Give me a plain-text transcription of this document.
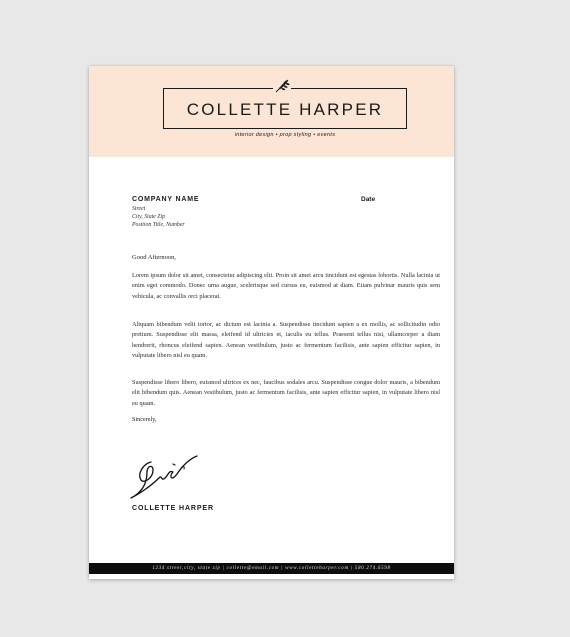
COLLETTE HARPER
interior design • prop styling • events
COMPANY NAME	Date
Street
City, State Zip
Position Title, Number
Good Afternoon,

Lorem ipsum dolor sit amet, consectetur adipiscing elit. Proin sit amet arcu tincidunt est egestas lobortis. Nulla lacinia ut enim eget commodo. Donec urna augue, scelerisque sed cursus eu, euismod at diam. Etiam pulvinar mauris quis sem vehicula, ac convallis orci placerat.

Aliquam bibendum velit tortor, ac dictum est lacinia a. Suspendisse tincidunt sapien a ex mollis, ac sollicitudin odio pretium. Suspendisse elit massa, eleifend id ultricies et, iaculis eu tellus. Praesent tellus nisi, ullamcorper a diam hendrerit, rhoncus eleifend sapien. Aenean vestibulum, justo ac fermentum facilisis, ante sapien efficitur sapien, in vulputate libero nisl eu quam.

Suspendisse libero libero, euismod ultrices ex nec, faucibus sodales arcu. Suspendisse congue dolor mauris, a bibendum elit bibendum quis. Aenean vestibulum, justo ac fermentum facilisis, ante sapien efficitur sapien, in vulputate libero nisl eu quam.

Sincerely,
COLLETTE HARPER
1234 street,city, state zip | collette@email.com | www.colletteharper.com | 580.274.6598
